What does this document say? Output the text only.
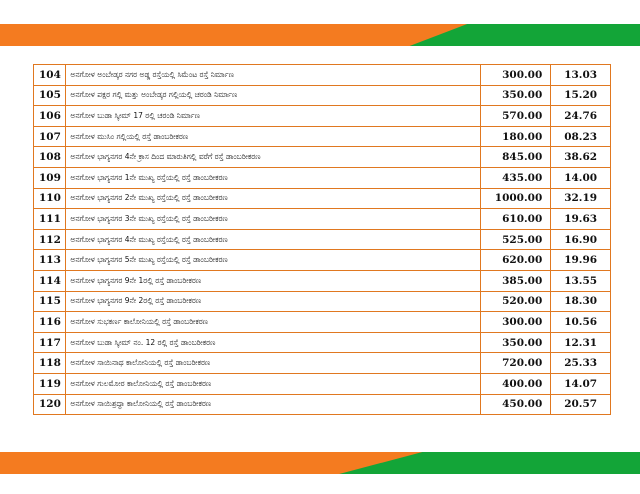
104	ಅನಗೋಳ ಅಂಬೇಡ್ಕರ ನಗರ ಅಡ್ಡ ರಸ್ತೆಯಲ್ಲಿ ಸಿಮೆಂಟ ರಸ್ತೆ ನಿರ್ಮಾಣ	300.00	13.03
105	ಅನಗೋಳ ಪಕ್ಷರ ಗಲ್ಲಿ ಮತ್ತು ಅಂಬೇಡ್ಕರ ಗಲ್ಲಿಯಲ್ಲಿ ಚರಂಡಿ ನಿರ್ಮಾಣ	350.00	15.20
106	ಅನಗೋಳ ಬುಡಾ ಸ್ಕೀಮ್ 17 ರಲ್ಲಿ ಚರಂಡಿ ನಿರ್ಮಾಣ	570.00	24.76
107	ಅನಗೋಳ ಮುಸಿಂ ಗಲ್ಲಿಯಲ್ಲಿ ರಸ್ತೆ ಡಾಂಬರೀಕರಣ	180.00	08.23
108	ಅನಗೋಳ ಭಾಗ್ಯನಗರ 4ನೇ ಕ್ರಾಸ ದಿಂದ ಮಾರುತಿಗಲ್ಲಿ ವರೆಗೆ ರಸ್ತೆ ಡಾಂಬರೀಕರಣ	845.00	38.62
109	ಅನಗೋಳ ಭಾಗ್ಯನಗರ 1ನೇ ಮುಖ್ಯ ರಸ್ತೆಯಲ್ಲಿ ರಸ್ತೆ ಡಾಂಬರೀಕರಣ	435.00	14.00
110	ಅನಗೋಳ ಭಾಗ್ಯನಗರ 2ನೇ ಮುಖ್ಯ ರಸ್ತೆಯಲ್ಲಿ ರಸ್ತೆ ಡಾಂಬರೀಕರಣ	1000.00	32.19
111	ಅನಗೋಳ ಭಾಗ್ಯನಗರ 3ನೇ ಮುಖ್ಯ ರಸ್ತೆಯಲ್ಲಿ ರಸ್ತೆ ಡಾಂಬರೀಕರಣ	610.00	19.63
112	ಅನಗೋಳ ಭಾಗ್ಯನಗರ 4ನೇ ಮುಖ್ಯ ರಸ್ತೆಯಲ್ಲಿ ರಸ್ತೆ ಡಾಂಬರೀಕರಣ	525.00	16.90
113	ಅನಗೋಳ ಭಾಗ್ಯನಗರ 5ನೇ ಮುಖ್ಯ ರಸ್ತೆಯಲ್ಲಿ ರಸ್ತೆ ಡಾಂಬರೀಕರಣ	620.00	19.96
114	ಅನಗೋಳ ಭಾಗ್ಯನಗರ 9ನೇ 1ರಲ್ಲಿ ರಸ್ತೆ ಡಾಂಬರೀಕರಣ	385.00	13.55
115	ಅನಗೋಳ ಭಾಗ್ಯನಗರ 9ನೇ 2ರಲ್ಲಿ ರಸ್ತೆ ಡಾಂಬರೀಕರಣ	520.00	18.30
116	ಅನಗೋಳ ಸುಭಕರ್ಣ ಕಾಲೋನಿಯಲ್ಲಿ ರಸ್ತೆ ಡಾಂಬರೀಕರಣ	300.00	10.56
117	ಅನಗೋಳ ಬುಡಾ ಸ್ಕೀಮ್ ನಂ. 12 ರಲ್ಲಿ ರಸ್ತೆ ಡಾಂಬರೀಕರಣ	350.00	12.31
118	ಅನಗೋಳ ಸಾಯಿನಾಥ ಕಾಲೋನಿಯಲ್ಲಿ ರಸ್ತೆ ಡಾಂಬರೀಕರಣ	720.00	25.33
119	ಅನಗೋಳ ಗುಲಮೋರ ಕಾಲೋನಿಯಲ್ಲಿ ರಸ್ತೆ ಡಾಂಬರೀಕರಣ	400.00	14.07
120	ಅನಗೋಳ ಸಾಯಿಶ್ರದ್ಧಾ ಕಾಲೋನಿಯಲ್ಲಿ ರಸ್ತೆ ಡಾಂಬರೀಕರಣ	450.00	20.57
